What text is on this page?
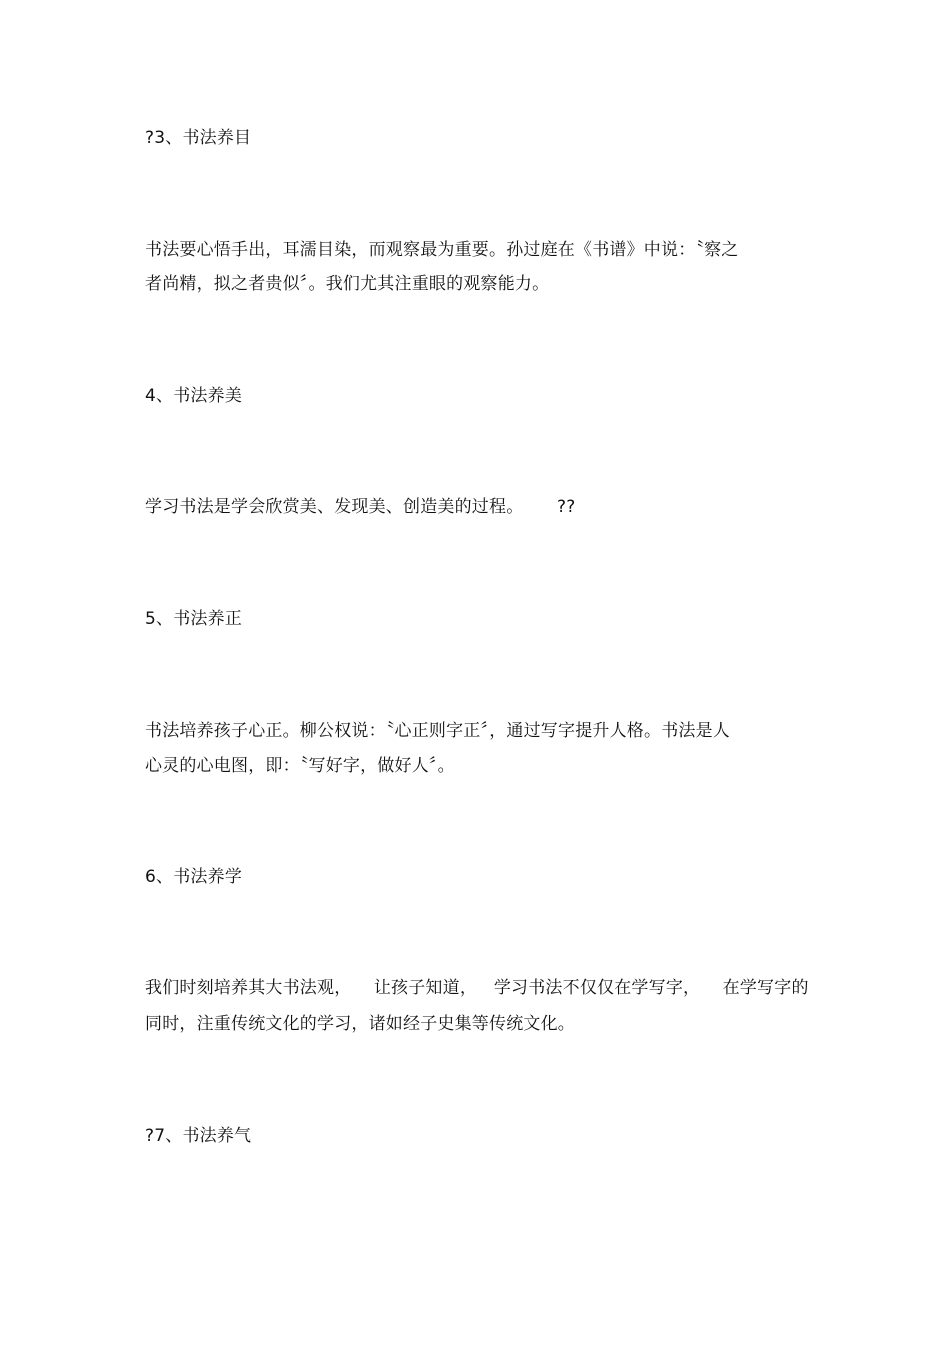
?3、书法养目
书法要心悟手出，耳濡目染，而观察最为重要。孙过庭在《书谱》中说：〝察之
者尚精，拟之者贵似〞。我们尤其注重眼的观察能力。
4、书法养美
学习书法是学会欣赏美、发现美、创造美的过程。      ??
5、书法养正
书法培养孩子心正。柳公权说：〝心正则字正〞，通过写字提升人格。书法是人
心灵的心电图，即：〝写好字，做好人〞。
6、书法养学
我们时刻培养其大书法观，    让孩子知道，   学习书法不仅仅在学写字，    在学写字的
同时，注重传统文化的学习，诸如经子史集等传统文化。
?7、书法养气
